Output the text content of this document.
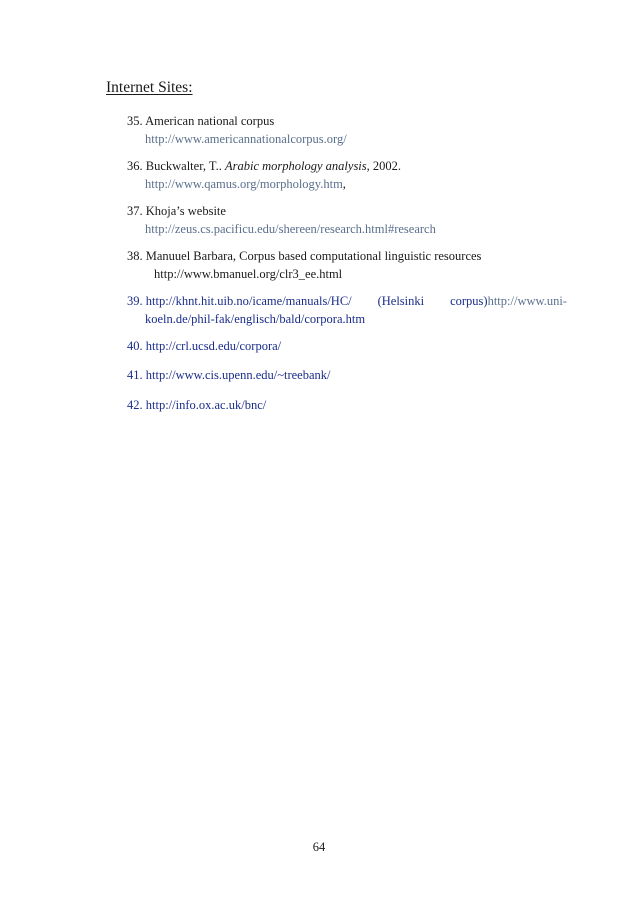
Internet Sites:
35. American national corpus
http://www.americannationalcorpus.org/
36. Buckwalter, T.. Arabic morphology analysis, 2002.
http://www.qamus.org/morphology.htm,
37. Khoja’s website
http://zeus.cs.pacificu.edu/shereen/research.html#research
38. Manuuel Barbara, Corpus based computational linguistic resources
http://www.bmanuel.org/clr3_ee.html
39. http://khnt.hit.uib.no/icame/manuals/HC/ (Helsinki corpus)http://www.uni-
koeln.de/phil-fak/englisch/bald/corpora.htm
40. http://crl.ucsd.edu/corpora/
41. http://www.cis.upenn.edu/~treebank/
42. http://info.ox.ac.uk/bnc/
64
